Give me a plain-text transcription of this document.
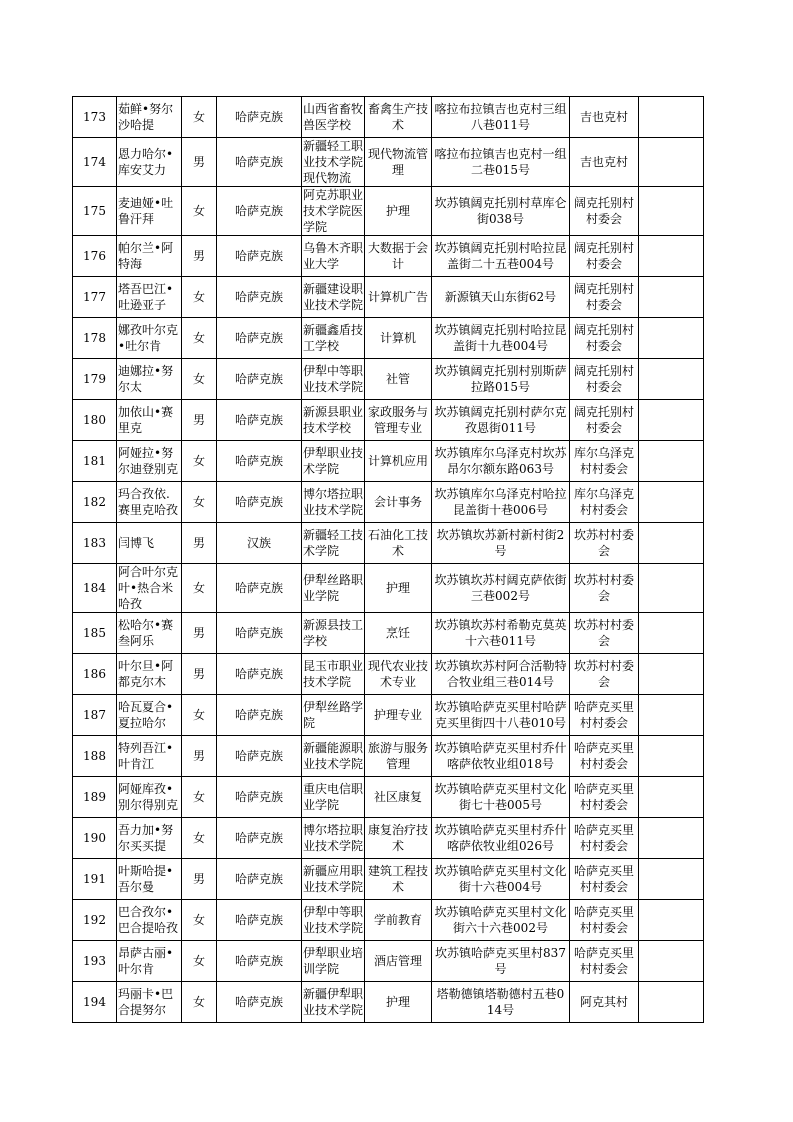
173	茹鲜•努尔沙哈提	女	哈萨克族	山西省畜牧兽医学校	畜禽生产技术	喀拉布拉镇吉也克村三组八巷011号	吉也克村	
174	恩力哈尔•库安艾力	男	哈萨克族	新疆轻工职业技术学院现代物流	现代物流管理	喀拉布拉镇吉也克村一组二巷015号	吉也克村	
175	麦迪娅•吐鲁汗拜	女	哈萨克族	阿克苏职业技术学院医学院	护理	坎苏镇阔克托别村草库仑街038号	阔克托别村村委会	
176	帕尔兰•阿特海	男	哈萨克族	乌鲁木齐职业大学	大数据于会计	坎苏镇阔克托别村哈拉昆盖街二十五巷004号	阔克托别村村委会	
177	塔吾巴江•吐逊亚子	女	哈萨克族	新疆建设职业技术学院	计算机广告	新源镇天山东街62号	阔克托别村村委会	
178	娜孜叶尔克•吐尔肯	女	哈萨克族	新疆鑫盾技工学校	计算机	坎苏镇阔克托别村哈拉昆盖街十九巷004号	阔克托别村村委会	
179	迪娜拉•努尔太	女	哈萨克族	伊犁中等职业技术学院	社管	坎苏镇阔克托别村别斯萨拉路015号	阔克托别村村委会	
180	加依山•赛里克	男	哈萨克族	新源县职业技术学校	家政服务与管理专业	坎苏镇阔克托别村萨尔克孜恩街011号	阔克托别村村委会	
181	阿娅拉•努尔迪登别克	女	哈萨克族	伊犁职业技术学院	计算机应用	坎苏镇库尔乌泽克村坎苏昂尔尔额东路063号	库尔乌泽克村村委会	
182	玛合孜依.赛里克哈孜	女	哈萨克族	博尔塔拉职业技术学院	会计事务	坎苏镇库尔乌泽克村哈拉昆盖街十巷006号	库尔乌泽克村村委会	
183	闫博飞	男	汉族	新疆轻工技术学院	石油化工技术	坎苏镇坎苏新村新村街2号	坎苏村村委会	
184	阿合叶尔克叶•热合米哈孜	女	哈萨克族	伊犁丝路职业学院	护理	坎苏镇坎苏村阔克萨依街三巷002号	坎苏村村委会	
185	松哈尔•赛叁阿乐	男	哈萨克族	新源县技工学校	烹饪	坎苏镇坎苏村希勒克莫英十六巷011号	坎苏村村委会	
186	叶尔旦•阿都克尔木	男	哈萨克族	昆玉市职业技术学院	现代农业技术专业	坎苏镇坎苏村阿合活勒特合牧业组三巷014号	坎苏村村委会	
187	哈瓦夏合•夏拉哈尔	女	哈萨克族	伊犁丝路学院	护理专业	坎苏镇哈萨克买里村哈萨克买里街四十八巷010号	哈萨克买里村村委会	
188	特列吾江•叶肯江	男	哈萨克族	新疆能源职业技术学院	旅游与服务管理	坎苏镇哈萨克买里村乔什喀萨依牧业组018号	哈萨克买里村村委会	
189	阿娅库孜•别尔得别克	女	哈萨克族	重庆电信职业学院	社区康复	坎苏镇哈萨克买里村文化街七十巷005号	哈萨克买里村村委会	
190	吾力加•努尔买买提	女	哈萨克族	博尔塔拉职业技术学院	康复治疗技术	坎苏镇哈萨克买里村乔什喀萨依牧业组026号	哈萨克买里村村委会	
191	叶斯哈提•吾尔曼	男	哈萨克族	新疆应用职业技术学院	建筑工程技术	坎苏镇哈萨克买里村文化街十六巷004号	哈萨克买里村村委会	
192	巴合孜尔•巴合提哈孜	女	哈萨克族	伊犁中等职业技术学院	学前教育	坎苏镇哈萨克买里村文化街六十六巷002号	哈萨克买里村村委会	
193	昂萨古丽•叶尔肯	女	哈萨克族	伊犁职业培训学院	酒店管理	坎苏镇哈萨克买里村837号	哈萨克买里村村委会	
194	玛丽卡•巴合提努尔	女	哈萨克族	新疆伊犁职业技术学院	护理	塔勒德镇塔勒德村五巷014号	阿克其村	
